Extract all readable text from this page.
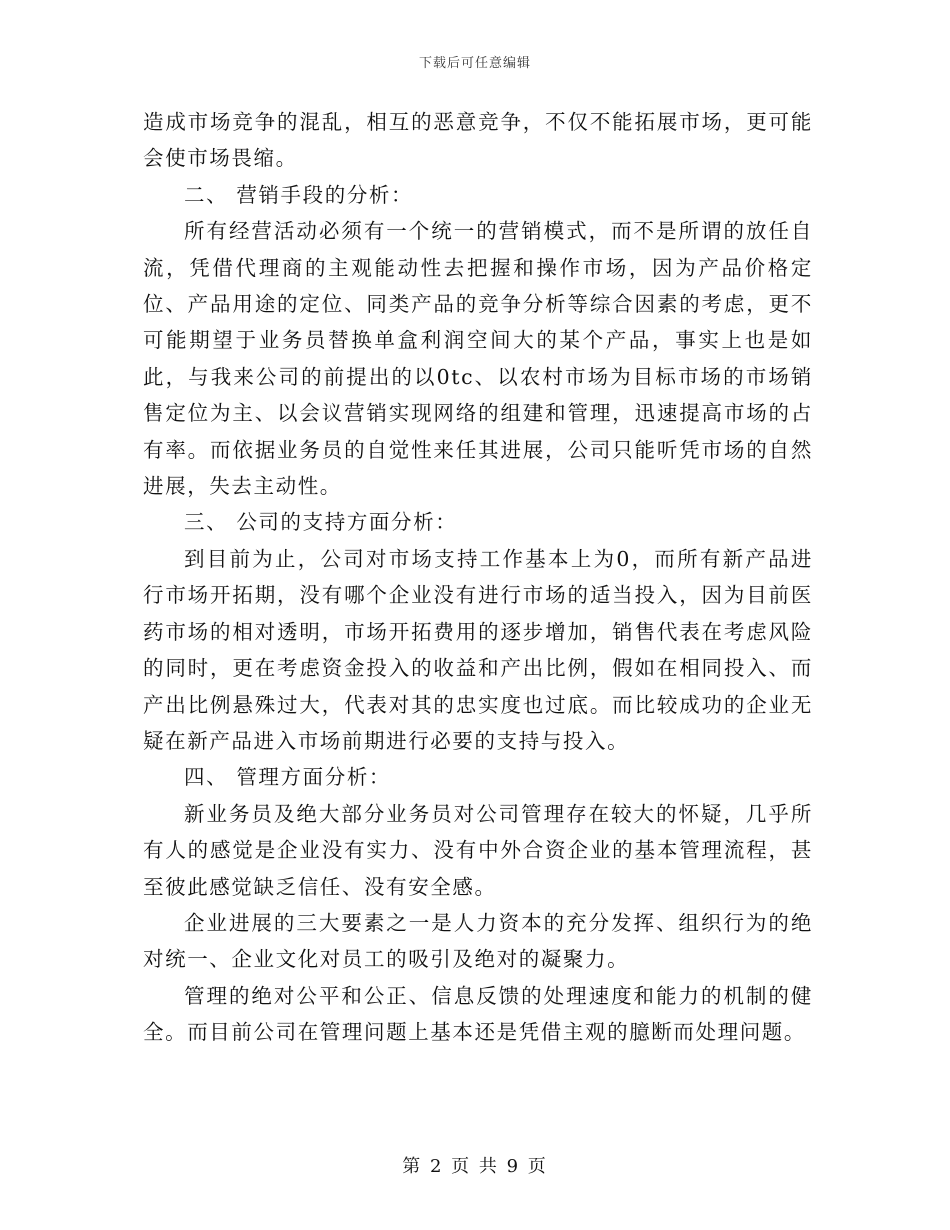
下载后可任意编辑

造成市场竞争的混乱，相互的恶意竞争，不仅不能拓展市场，更可能会使市场畏缩。

二、 营销手段的分析：

所有经营活动必须有一个统一的营销模式，而不是所谓的放任自流，凭借代理商的主观能动性去把握和操作市场，因为产品价格定位、产品用途的定位、同类产品的竞争分析等综合因素的考虑，更不可能期望于业务员替换单盒利润空间大的某个产品，事实上也是如此，与我来公司的前提出的以0tc、以农村市场为目标市场的市场销售定位为主、以会议营销实现网络的组建和管理，迅速提高市场的占有率。而依据业务员的自觉性来任其进展，公司只能听凭市场的自然进展，失去主动性。

三、 公司的支持方面分析：

到目前为止，公司对市场支持工作基本上为0，而所有新产品进行市场开拓期，没有哪个企业没有进行市场的适当投入，因为目前医药市场的相对透明，市场开拓费用的逐步增加，销售代表在考虑风险的同时，更在考虑资金投入的收益和产出比例，假如在相同投入、而产出比例悬殊过大，代表对其的忠实度也过底。而比较成功的企业无疑在新产品进入市场前期进行必要的支持与投入。

四、 管理方面分析：

新业务员及绝大部分业务员对公司管理存在较大的怀疑，几乎所有人的感觉是企业没有实力、没有中外合资企业的基本管理流程，甚至彼此感觉缺乏信任、没有安全感。

企业进展的三大要素之一是人力资本的充分发挥、组织行为的绝对统一、企业文化对员工的吸引及绝对的凝聚力。

管理的绝对公平和公正、信息反馈的处理速度和能力的机制的健全。而目前公司在管理问题上基本还是凭借主观的臆断而处理问题。

第 2 页 共 9 页
